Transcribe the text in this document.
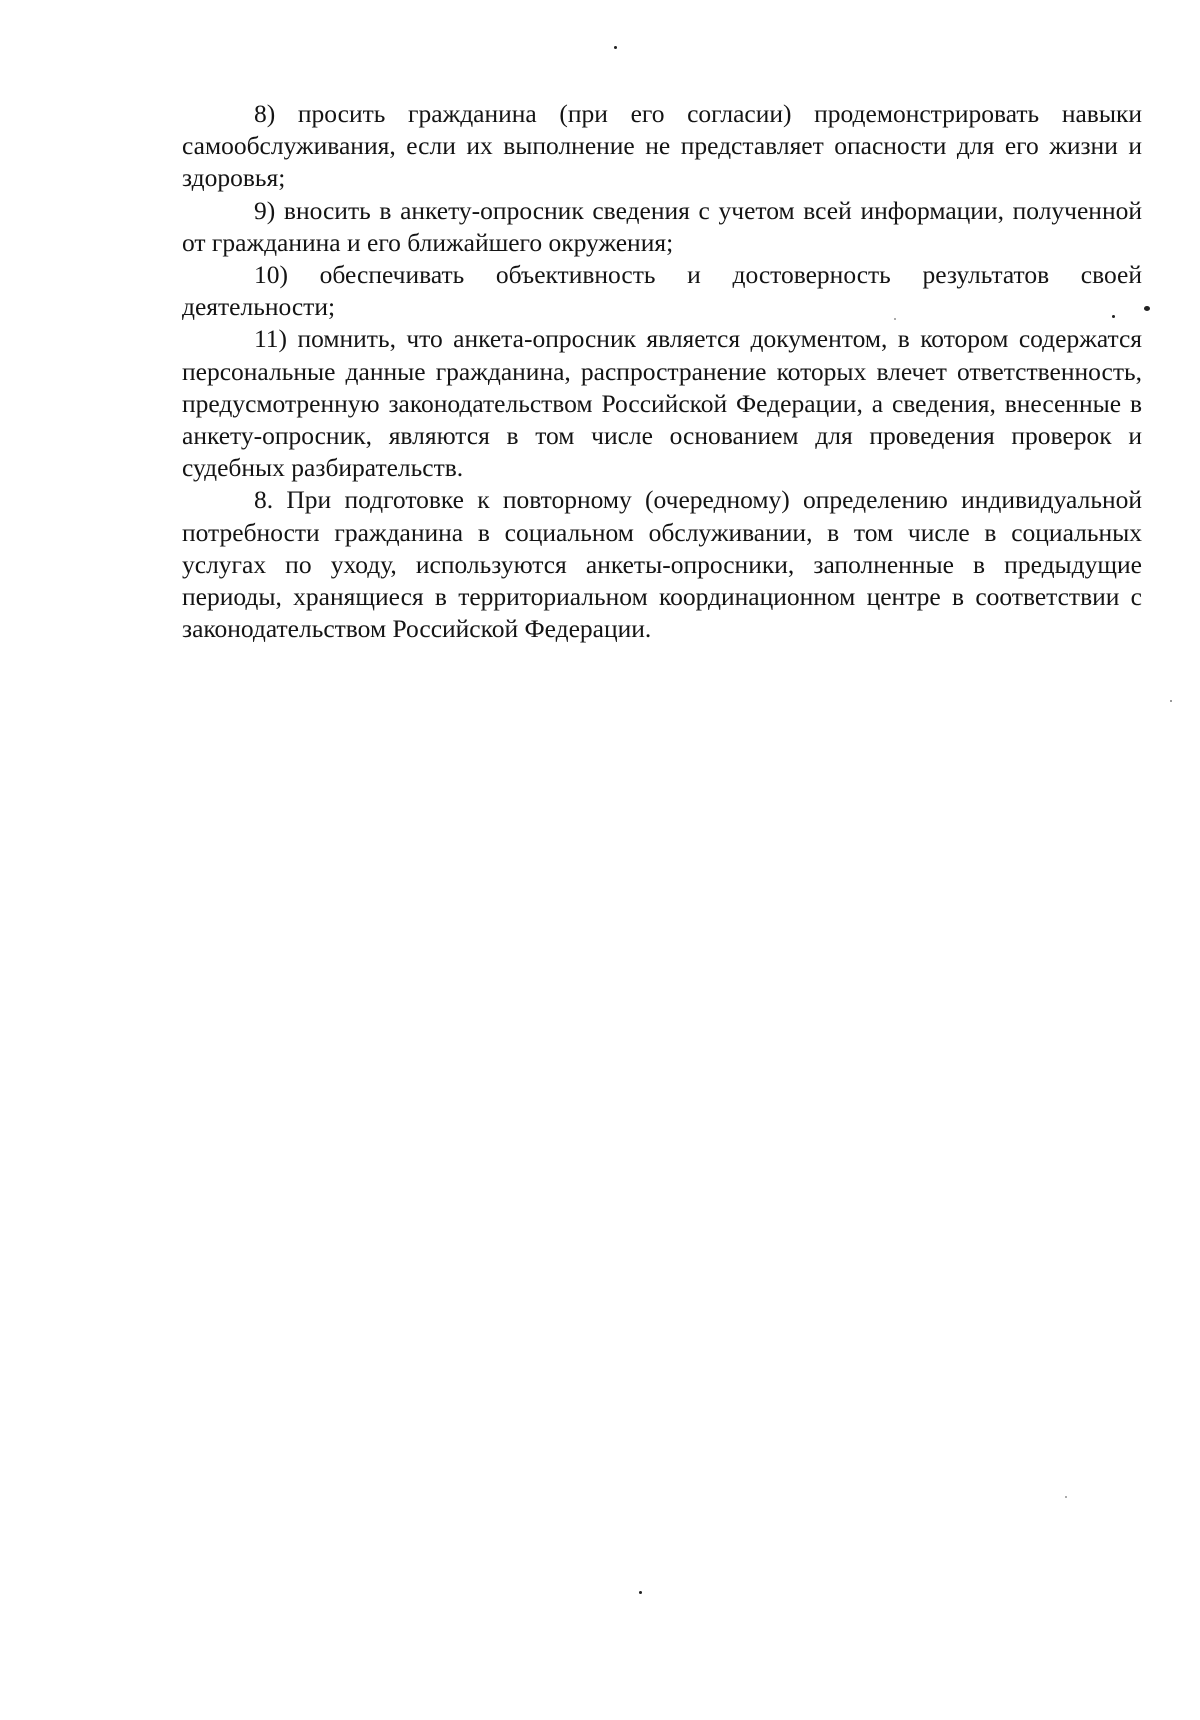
8) просить гражданина (при его согласии) продемонстрировать навыки самообслуживания, если их выполнение не представляет опасности для его жизни и здоровья;

9) вносить в анкету-опросник сведения с учетом всей информации, полученной от гражданина и его ближайшего окружения;

10) обеспечивать объективность и достоверность результатов своей деятельности;

11) помнить, что анкета-опросник является документом, в котором содержатся персональные данные гражданина, распространение которых влечет ответственность, предусмотренную законодательством Российской Федерации, а сведения, внесенные в анкету-опросник, являются в том числе основанием для проведения проверок и судебных разбирательств.

8. При подготовке к повторному (очередному) определению индивидуальной потребности гражданина в социальном обслуживании, в том числе в социальных услугах по уходу, используются анкеты-опросники, заполненные в предыдущие периоды, хранящиеся в территориальном координационном центре в соответствии с законодательством Российской Федерации.
